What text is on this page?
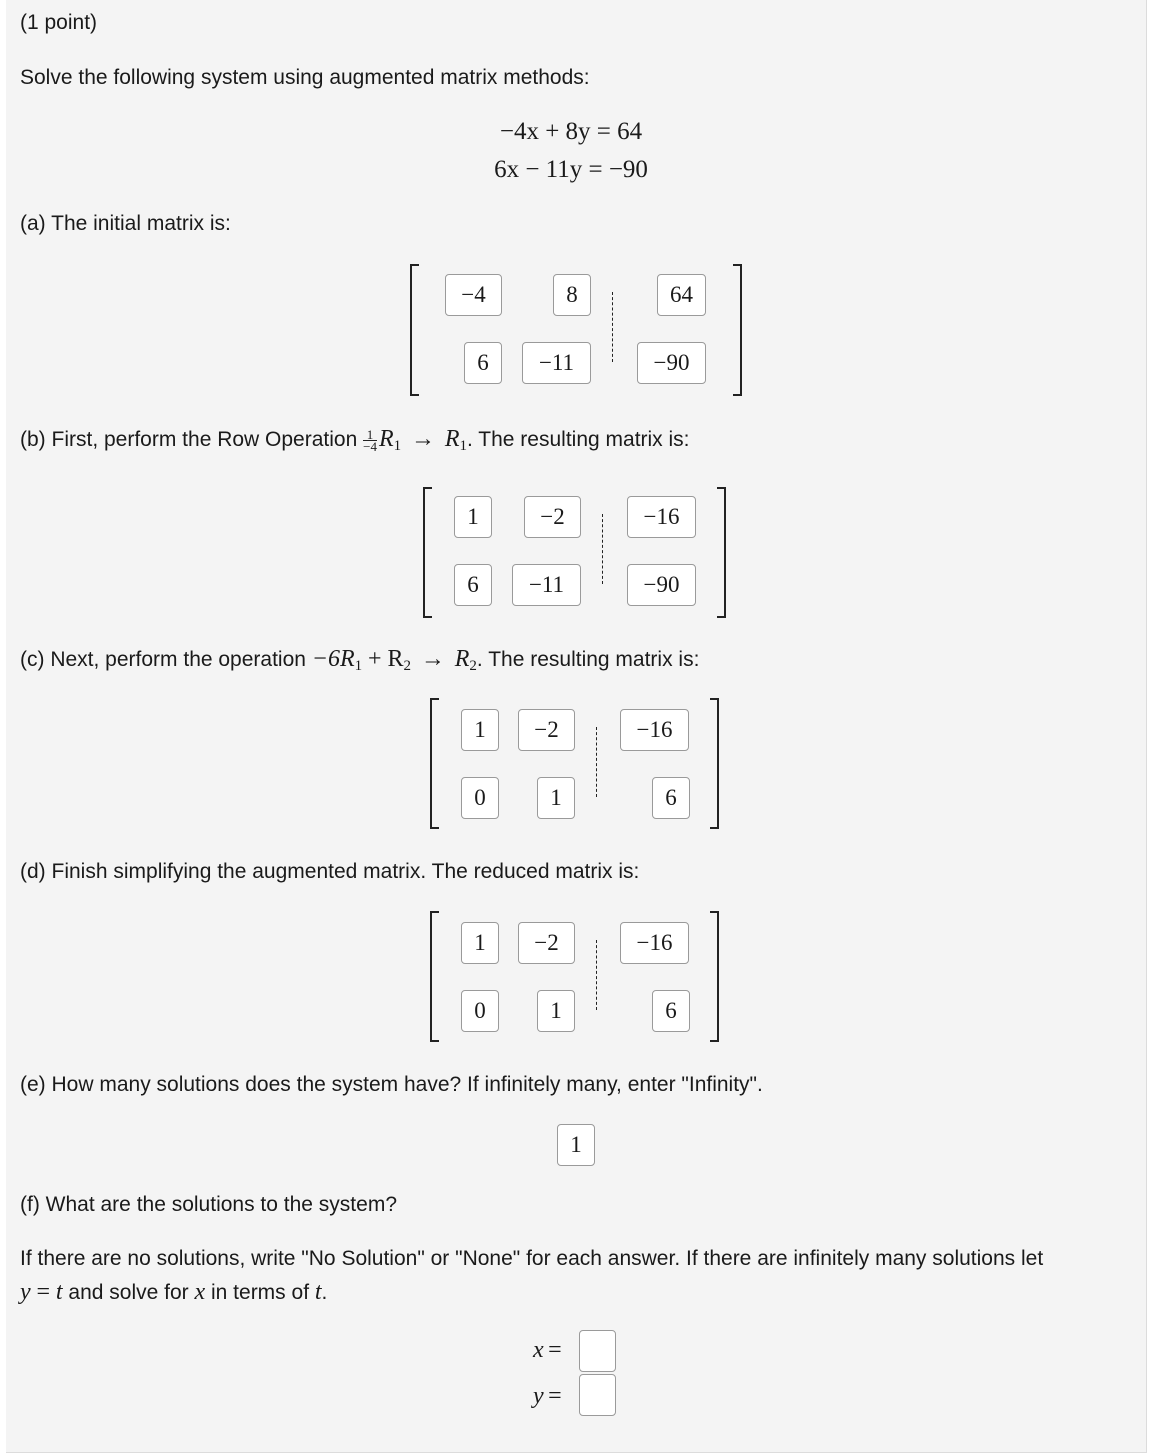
(1 point)
Solve the following system using augmented matrix methods:
−4x + 8y = 64
6x − 11y = −90
(a) The initial matrix is:
−4	8	64
6	−11	−90
(b) First, perform the Row Operation $\frac{1}{-4} R_1 \to R_1$. The resulting matrix is:
1	−2	−16
6	−11	−90
(c) Next, perform the operation $-6R_1 + R_2 \to R_2$. The resulting matrix is:
1	−2	−16
0	1	6
(d) Finish simplifying the augmented matrix. The reduced matrix is:
1	−2	−16
0	1	6
(e) How many solutions does the system have? If infinitely many, enter "Infinity".
1
(f) What are the solutions to the system?
If there are no solutions, write "No Solution" or "None" for each answer. If there are infinitely many solutions let
y = t and solve for x in terms of t.
x =
y =
